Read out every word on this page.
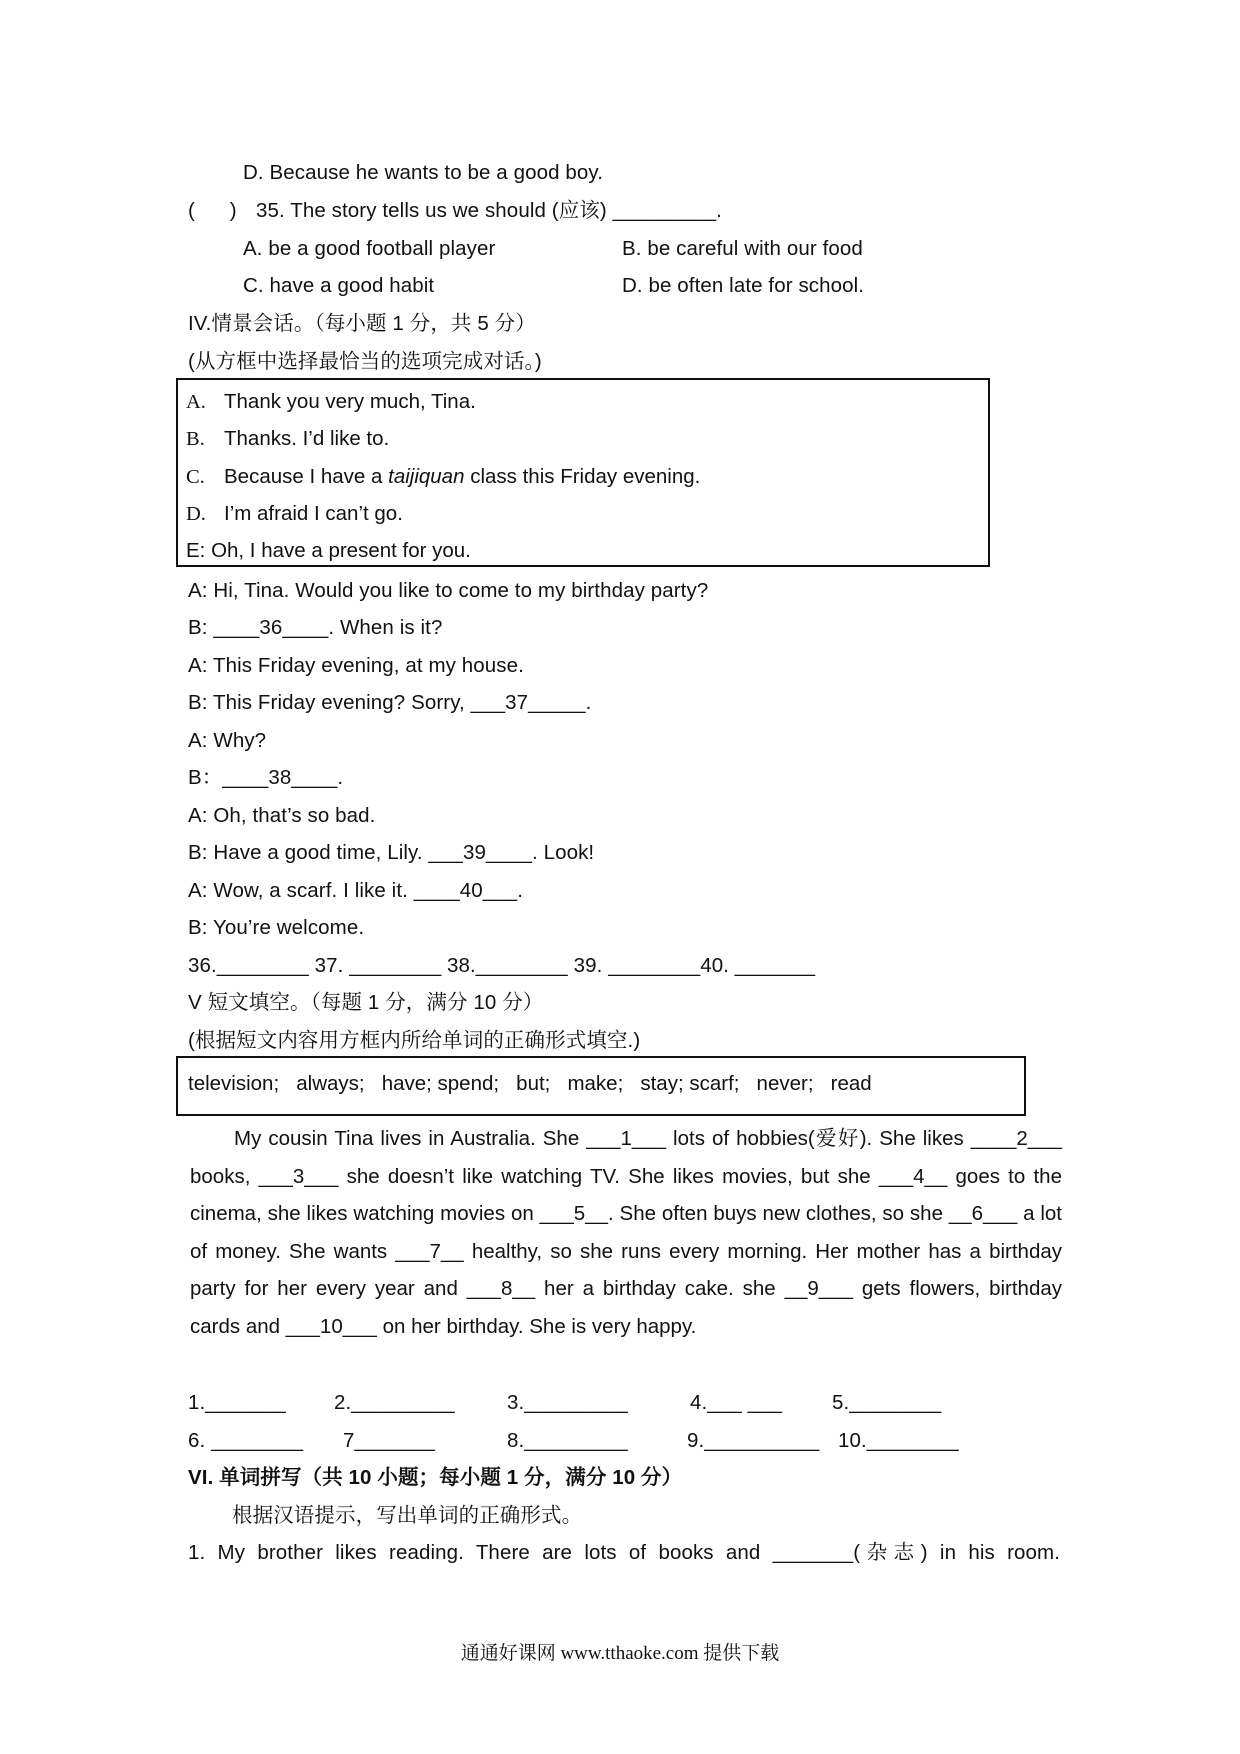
D. Because he wants to be a good boy.
(      ) 35. The story tells us we should (应该) _________.
A. be a good football player	B. be careful with our food
C. have a good habit	D. be often late for school.
IV.情景会话。（每小题 1 分，共 5 分）
(从方框中选择最恰当的选项完成对话。)
A. Thank you very much, Tina.
B. Thanks. I’d like to.
C. Because I have a taijiquan class this Friday evening.
D. I’m afraid I can’t go.
E: Oh, I have a present for you.
A: Hi, Tina. Would you like to come to my birthday party?
B: ____36____. When is it?
A: This Friday evening, at my house.
B: This Friday evening? Sorry, ___37_____.
A: Why?
B：____38____.
A: Oh, that’s so bad.
B: Have a good time, Lily. ___39____. Look!
A: Wow, a scarf. I like it. ____40___.
B: You’re welcome.
36.________ 37. ________ 38.________ 39. ________40. _______
V 短文填空。（每题 1 分，满分 10 分）
(根据短文内容用方框内所给单词的正确形式填空.)
television;   always;   have; spend;   but;   make;   stay; scarf;   never;   read
My cousin Tina lives in Australia. She ___1___ lots of hobbies(爱好). She likes ____2___ books, ___3___ she doesn’t like watching TV. She likes movies, but she ___4__ goes to the cinema, she likes watching movies on ___5__. She often buys new clothes, so she __6___ a lot of money. She wants ___7__ healthy, so she runs every morning. Her mother has a birthday party for her every year and ___8__ her a birthday cake. she __9___ gets flowers, birthday cards and ___10___ on her birthday. She is very happy.
1._______ 2._________	3._________	4.___ ___ 5.________
6. ________ 7_______	8._________	9.__________ 10.________
VI. 单词拼写（共 10 小题；每小题 1 分，满分 10 分）
根据汉语提示，写出单词的正确形式。
1. My brother likes reading. There are lots of books and _______(杂志) in his room.
通通好课网 www.tthaoke.com 提供下载
